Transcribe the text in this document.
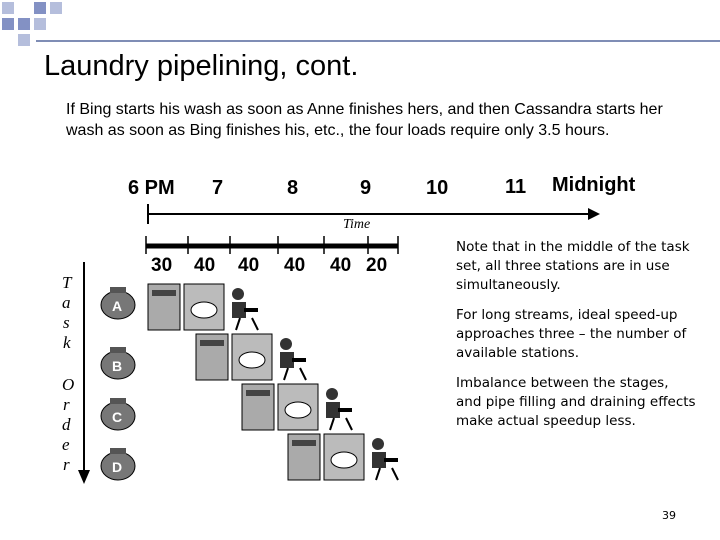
Laundry pipelining, cont.
If Bing starts his wash as soon as Anne finishes hers, and then Cassandra starts her wash as soon as Bing finishes his, etc., the four loads require only 3.5 hours.
6 PM 7	8	9	10
Time
30 40 40 40 40 20
T
a
s
k
O
r
d
e
r
A
B
C
D
11 Midnight

Note that in the middle of the task set, all three stations are in use simultaneously.

For long streams, ideal speed-up approaches three – the number of available stations.

Imbalance between the stages, and pipe filling and draining effects make actual speedup less.

39
